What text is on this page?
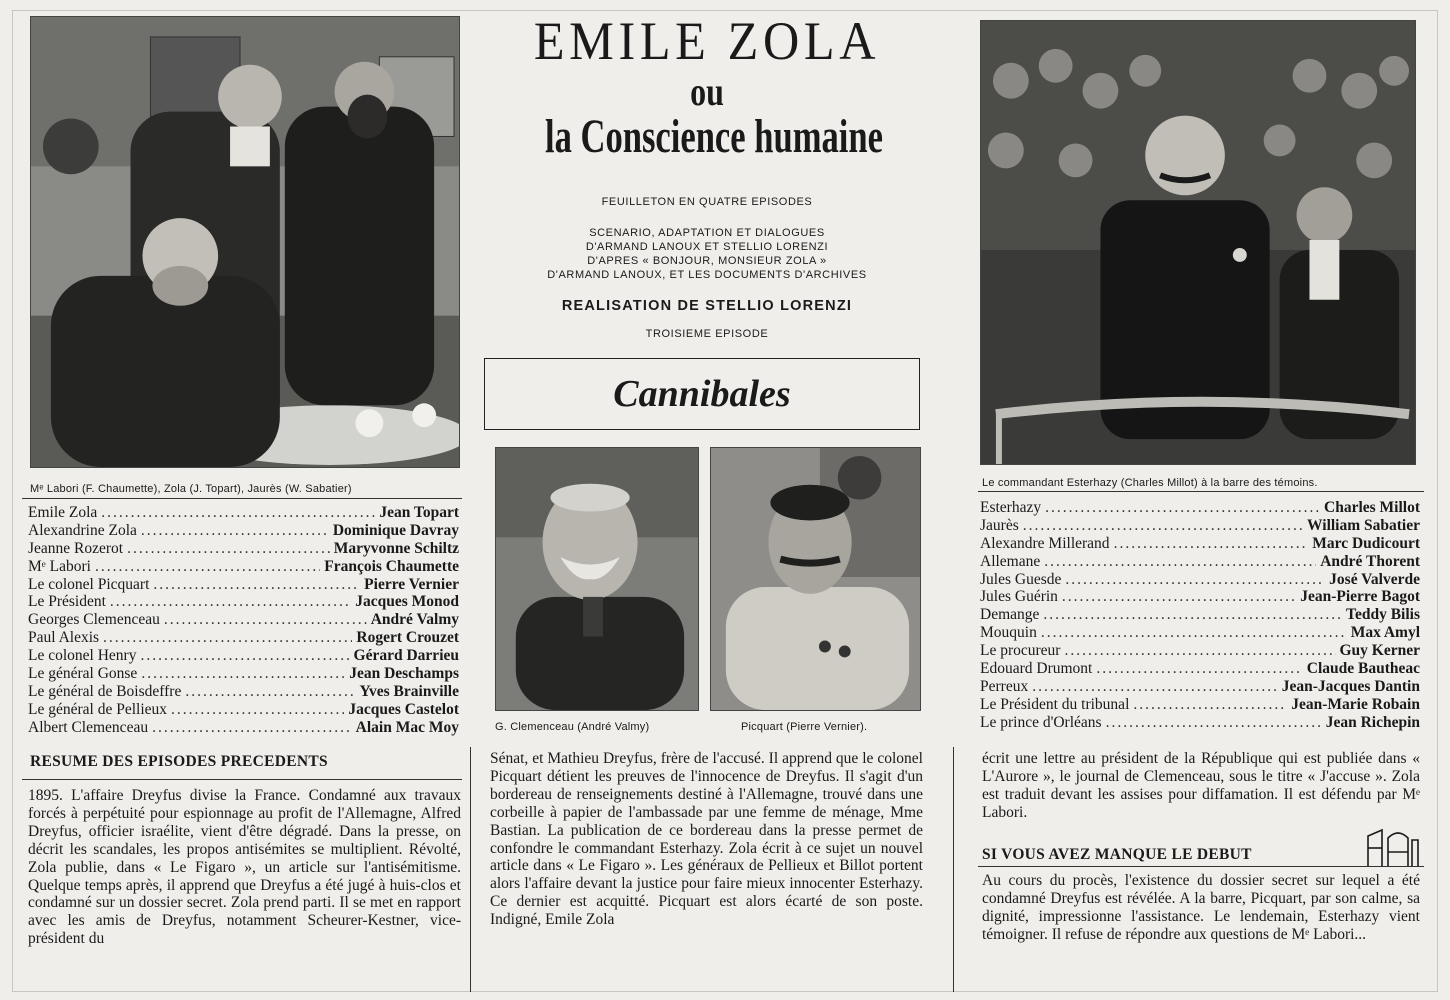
Mᵉ Labori (F. Chaumette), Zola (J. Topart), Jaurès (W. Sabatier)
Emile Zola .....	Jean Topart
Alexandrine Zola .....	Dominique Davray
Jeanne Rozerot .....	Maryvonne Schiltz
Mᵉ Labori .....	François Chaumette
Le colonel Picquart .....	Pierre Vernier
Le Président .....	Jacques Monod
Georges Clemenceau .....	André Valmy
Paul Alexis .....	Rogert Crouzet
Le colonel Henry .....	Gérard Darrieu
Le général Gonse .....	Jean Deschamps
Le général de Boisdeffre .....	Yves Brainville
Le général de Pellieux .....	Jacques Castelot
Albert Clemenceau .....	Alain Mac Moy
EMILE ZOLA
ou
la Conscience humaine
FEUILLETON EN QUATRE EPISODES
SCENARIO, ADAPTATION ET DIALOGUES
D'ARMAND LANOUX ET STELLIO LORENZI
D'APRES « BONJOUR, MONSIEUR ZOLA »
D'ARMAND LANOUX, ET LES DOCUMENTS D'ARCHIVES
REALISATION DE STELLIO LORENZI
TROISIEME EPISODE
Cannibales
G. Clemenceau (André Valmy)	Picquart (Pierre Vernier).
Le commandant Esterhazy (Charles Millot) à la barre des témoins.
Esterhazy .....	Charles Millot
Jaurès .....	William Sabatier
Alexandre Millerand .....	Marc Dudicourt
Allemane .....	André Thorent
Jules Guesde .....	José Valverde
Jules Guérin .....	Jean-Pierre Bagot
Demange .....	Teddy Bilis
Mouquin .....	Max Amyl
Le procureur .....	Guy Kerner
Edouard Drumont .....	Claude Bautheac
Perreux .....	Jean-Jacques Dantin
Le Président du tribunal .....	Jean-Marie Robain
Le prince d'Orléans .....	Jean Richepin
RESUME DES EPISODES PRECEDENTS

1895. L'affaire Dreyfus divise la France. Condamné aux travaux forcés à perpétuité pour espionnage au profit de l'Allemagne, Alfred Dreyfus, officier israélite, vient d'être dégradé. Dans la presse, on décrit les scandales, les propos antisémites se multiplient. Révolté, Zola publie, dans « Le Figaro », un article sur l'antisémitisme. Quelque temps après, il apprend que Dreyfus a été jugé à huis-clos et condamné sur un dossier secret. Zola prend parti. Il se met en rapport avec les amis de Dreyfus, notamment Scheurer-Kestner, vice-président du

Sénat, et Mathieu Dreyfus, frère de l'accusé. Il apprend que le colonel Picquart détient les preuves de l'innocence de Dreyfus. Il s'agit d'un bordereau de renseignements destiné à l'Allemagne, trouvé dans une corbeille à papier de l'ambassade par une femme de ménage, Mme Bastian. La publication de ce bordereau dans la presse permet de confondre le commandant Esterhazy. Zola écrit à ce sujet un nouvel article dans « Le Figaro ». Les généraux de Pellieux et Billot portent alors l'affaire devant la justice pour faire mieux innocenter Esterhazy. Ce dernier est acquitté. Picquart est alors écarté de son poste. Indigné, Emile Zola

écrit une lettre au président de la République qui est publiée dans « L'Aurore », le journal de Clemenceau, sous le titre « J'accuse ». Zola est traduit devant les assises pour diffamation. Il est défendu par Mᵉ Labori.

SI VOUS AVEZ MANQUE LE DEBUT

Au cours du procès, l'existence du dossier secret sur lequel a été condamné Dreyfus est révélée. A la barre, Picquart, par son calme, sa dignité, impressionne l'assistance. Le lendemain, Esterhazy vient témoigner. Il refuse de répondre aux questions de Mᵉ Labori...
